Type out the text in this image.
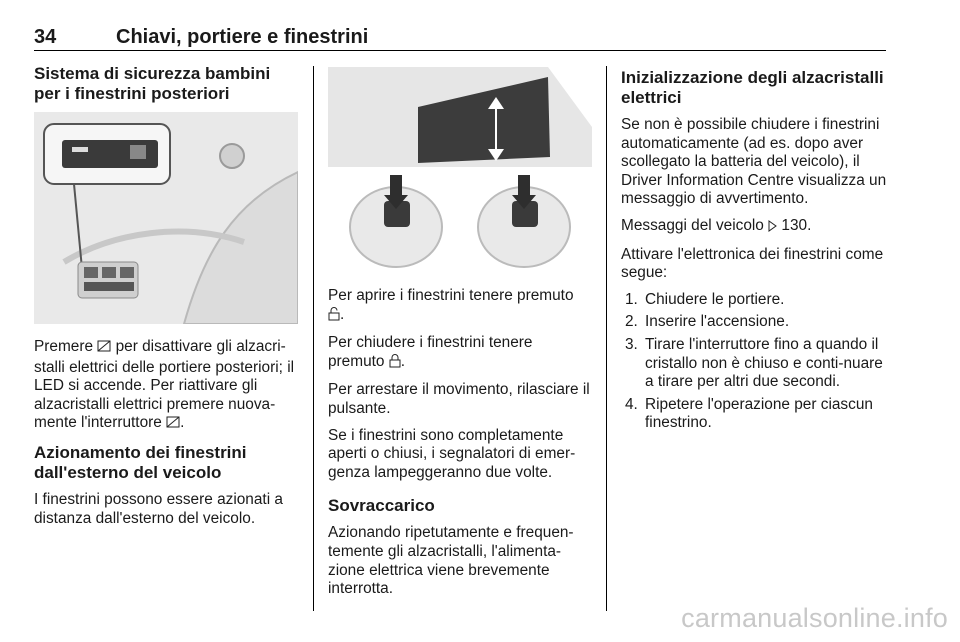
34	Chiavi, portiere e finestrini
Sistema di sicurezza bambini per i finestrini posteriori

Premere  per disattivare gli alzacri-stalli elettrici delle portiere posteriori; il LED si accende. Per riattivare gli alzacristalli elettrici premere nuova-mente l'interruttore .

Azionamento dei finestrini dall'esterno del veicolo

I finestrini possono essere azionati a distanza dall'esterno del veicolo.

Per aprire i finestrini tenere premuto
.

Per chiudere i finestrini tenere premuto .

Per arrestare il movimento, rilasciare il pulsante.

Se i finestrini sono completamente aperti o chiusi, i segnalatori di emer-genza lampeggeranno due volte.

Sovraccarico

Azionando ripetutamente e frequen-temente gli alzacristalli, l'alimenta-zione elettrica viene brevemente interrotta.

Inizializzazione degli alzacristalli elettrici

Se non è possibile chiudere i finestrini automaticamente (ad es. dopo aver scollegato la batteria del veicolo), il Driver Information Centre visualizza un messaggio di avvertimento.

Messaggi del veicolo  130.

Attivare l'elettronica dei finestrini come segue:

1. Chiudere le portiere.
2. Inserire l'accensione.
3. Tirare l'interruttore fino a quando il cristallo non è chiuso e conti-nuare a tirare per altri due secondi.
4. Ripetere l'operazione per ciascun finestrino.
carmanualsonline.info
